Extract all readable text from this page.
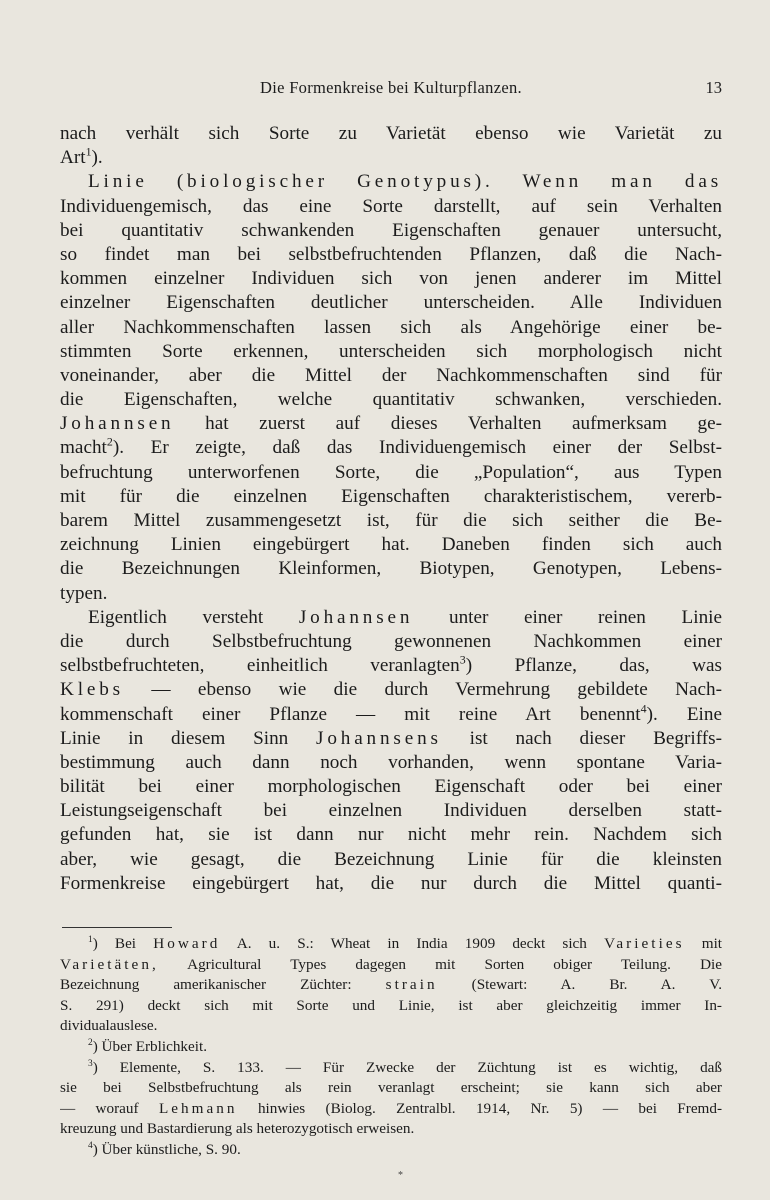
Die Formenkreise bei Kulturpflanzen.	13
nach verhält sich Sorte zu Varietät ebenso wie Varietät zu
Art$^1$).
Linie (biologischer Genotypus). Wenn man das
Individuengemisch, das eine Sorte darstellt, auf sein Verhalten
bei quantitativ schwankenden Eigenschaften genauer untersucht,
so findet man bei selbstbefruchtenden Pflanzen, daß die Nach-
kommen einzelner Individuen sich von jenen anderer im Mittel
einzelner Eigenschaften deutlicher unterscheiden. Alle Individuen
aller Nachkommenschaften lassen sich als Angehörige einer be-
stimmten Sorte erkennen, unterscheiden sich morphologisch nicht
voneinander, aber die Mittel der Nachkommenschaften sind für
die Eigenschaften, welche quantitativ schwanken, verschieden.
Johannsen hat zuerst auf dieses Verhalten aufmerksam ge-
macht$^2$). Er zeigte, daß das Individuengemisch einer der Selbst-
befruchtung unterworfenen Sorte, die „Population“, aus Typen
mit für die einzelnen Eigenschaften charakteristischem, vererb-
barem Mittel zusammengesetzt ist, für die sich seither die Be-
zeichnung Linien eingebürgert hat. Daneben finden sich auch
die Bezeichnungen Kleinformen, Biotypen, Genotypen, Lebens-
typen.
Eigentlich versteht Johannsen unter einer reinen Linie
die durch Selbstbefruchtung gewonnenen Nachkommen einer
selbstbefruchteten, einheitlich veranlagten$^3$) Pflanze, das, was
Klebs — ebenso wie die durch Vermehrung gebildete Nach-
kommenschaft einer Pflanze — mit reine Art benennt$^4$). Eine
Linie in diesem Sinn Johannsens ist nach dieser Begriffs-
bestimmung auch dann noch vorhanden, wenn spontane Varia-
bilität bei einer morphologischen Eigenschaft oder bei einer
Leistungseigenschaft bei einzelnen Individuen derselben statt-
gefunden hat, sie ist dann nur nicht mehr rein. Nachdem sich
aber, wie gesagt, die Bezeichnung Linie für die kleinsten
Formenkreise eingebürgert hat, die nur durch die Mittel quanti-
$^1$) Bei Howard A. u. S.: Wheat in India 1909 deckt sich Varieties mit
Varietäten, Agricultural Types dagegen mit Sorten obiger Teilung. Die
Bezeichnung amerikanischer Züchter: strain (Stewart: A. Br. A. V.
S. 291) deckt sich mit Sorte und Linie, ist aber gleichzeitig immer In-
dividualauslese.
$^2$) Über Erblichkeit.
$^3$) Elemente, S. 133. — Für Zwecke der Züchtung ist es wichtig, daß
sie bei Selbstbefruchtung als rein veranlagt erscheint; sie kann sich aber
— worauf Lehmann hinwies (Biolog. Zentralbl. 1914, Nr. 5) — bei Fremd-
kreuzung und Bastardierung als heterozygotisch erweisen.
$^4$) Über künstliche, S. 90.
*
